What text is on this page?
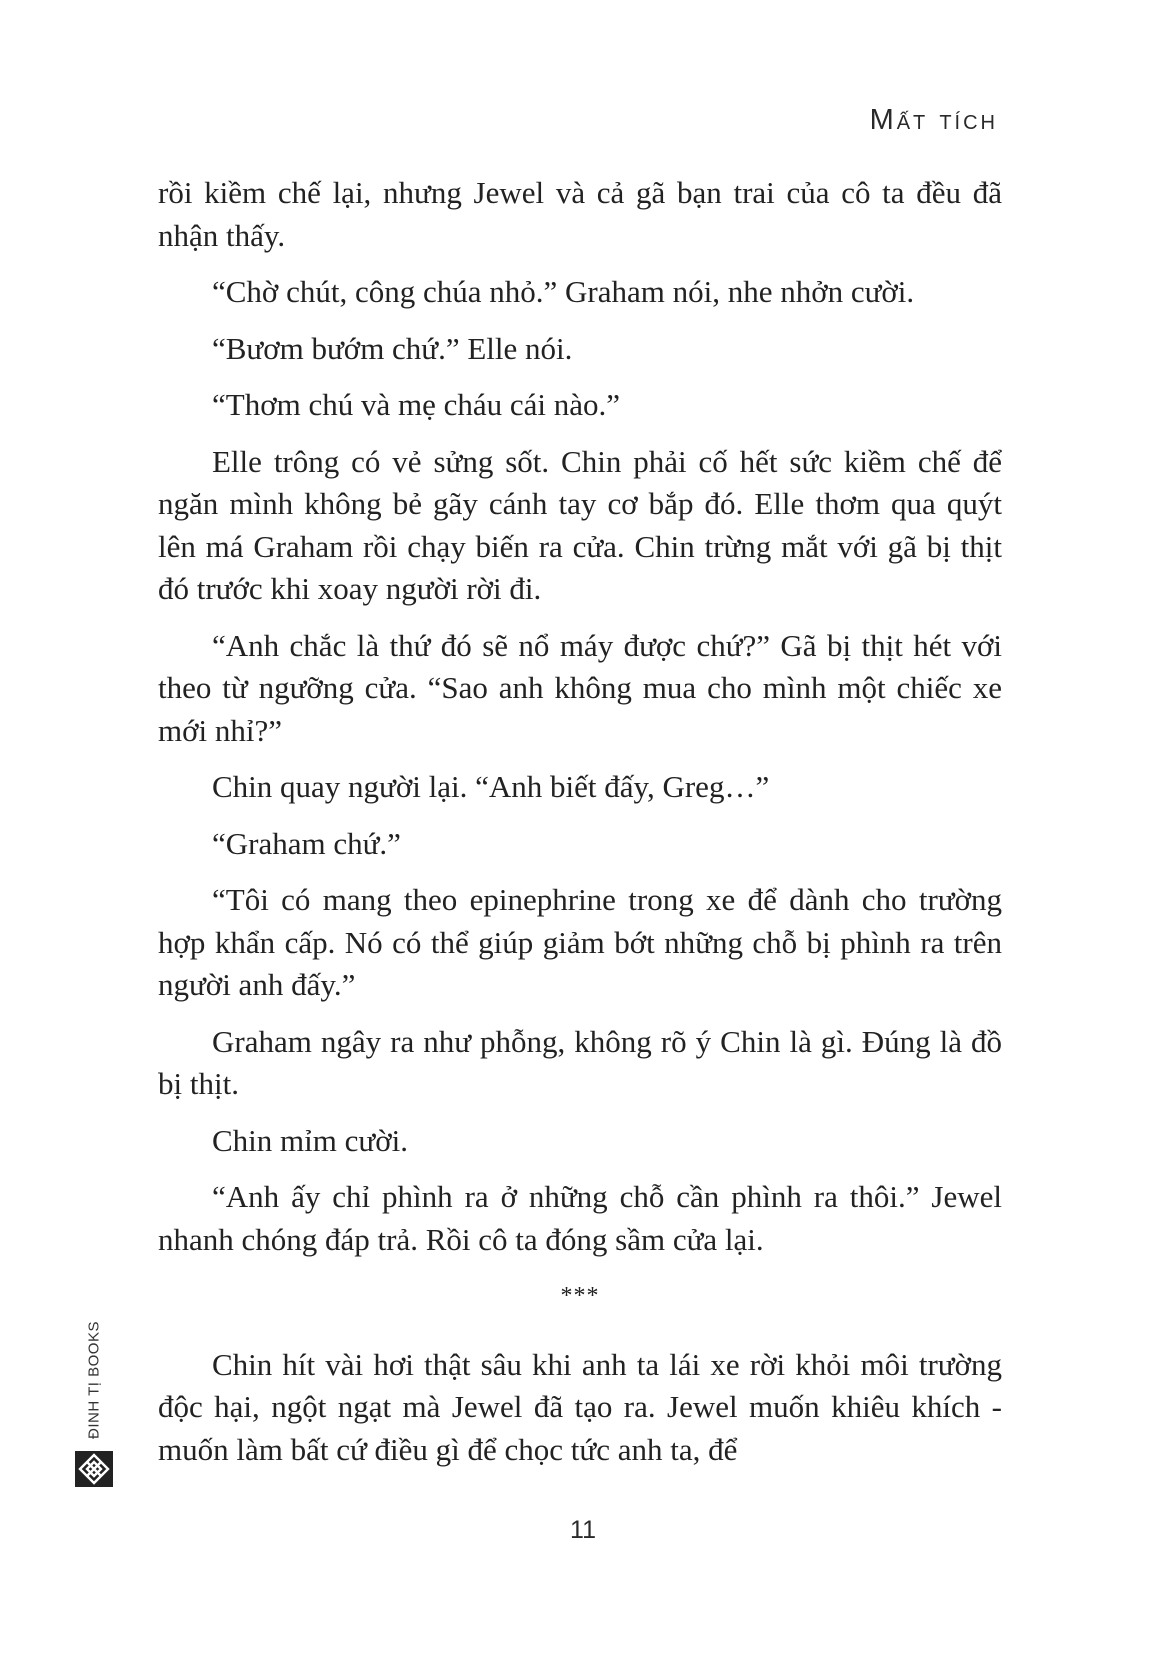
Mất tích

rồi kiềm chế lại, nhưng Jewel và cả gã bạn trai của cô ta đều đã nhận thấy.

“Chờ chút, công chúa nhỏ.” Graham nói, nhe nhởn cười.

“Bươm bướm chứ.” Elle nói.

“Thơm chú và mẹ cháu cái nào.”

Elle trông có vẻ sửng sốt. Chin phải cố hết sức kiềm chế để ngăn mình không bẻ gãy cánh tay cơ bắp đó. Elle thơm qua quýt lên má Graham rồi chạy biến ra cửa. Chin trừng mắt với gã bị thịt đó trước khi xoay người rời đi.

“Anh chắc là thứ đó sẽ nổ máy được chứ?” Gã bị thịt hét với theo từ ngưỡng cửa. “Sao anh không mua cho mình một chiếc xe mới nhỉ?”

Chin quay người lại. “Anh biết đấy, Greg…”

“Graham chứ.”

“Tôi có mang theo epinephrine trong xe để dành cho trường hợp khẩn cấp. Nó có thể giúp giảm bớt những chỗ bị phình ra trên người anh đấy.”

Graham ngây ra như phỗng, không rõ ý Chin là gì. Đúng là đồ bị thịt.

Chin mỉm cười.

“Anh ấy chỉ phình ra ở những chỗ cần phình ra thôi.” Jewel nhanh chóng đáp trả. Rồi cô ta đóng sầm cửa lại.

***

Chin hít vài hơi thật sâu khi anh ta lái xe rời khỏi môi trường độc hại, ngột ngạt mà Jewel đã tạo ra. Jewel muốn khiêu khích - muốn làm bất cứ điều gì để chọc tức anh ta, để

11
ĐINH TỊ BOOKS
